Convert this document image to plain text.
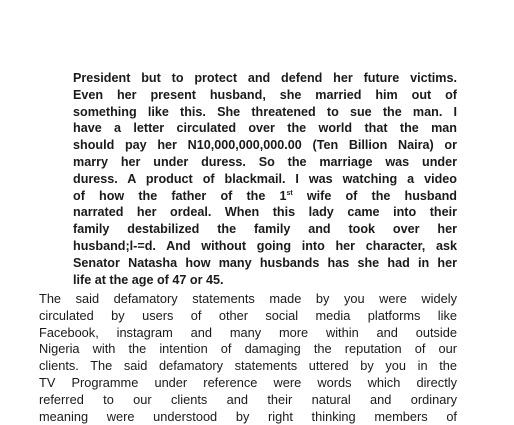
President but to protect and defend her future victims.
Even her present husband, she married him out of
something like this. She threatened to sue the man. I
have a letter circulated over the world that the man
should pay her N10,000,000,000.00 (Ten Billion Naira) or
marry her under duress. So the marriage was under
duress. A product of blackmail. I was watching a video
of how the father of the 1st wife of the husband
narrated her ordeal. When this lady came into their
family destabilized the family and took over her
husband;l-=d. And without going into her character, ask
Senator Natasha how many husbands has she had in her
life at the age of 47 or 45.
The said defamatory statements made by you were widely
circulated by users of other social media platforms like
Facebook, instagram and many more within and outside
Nigeria with the intention of damaging the reputation of our
clients. The said defamatory statements uttered by you in the
TV Programme under reference were words which directly
referred to our clients and their natural and ordinary
meaning were understood by right thinking members of
